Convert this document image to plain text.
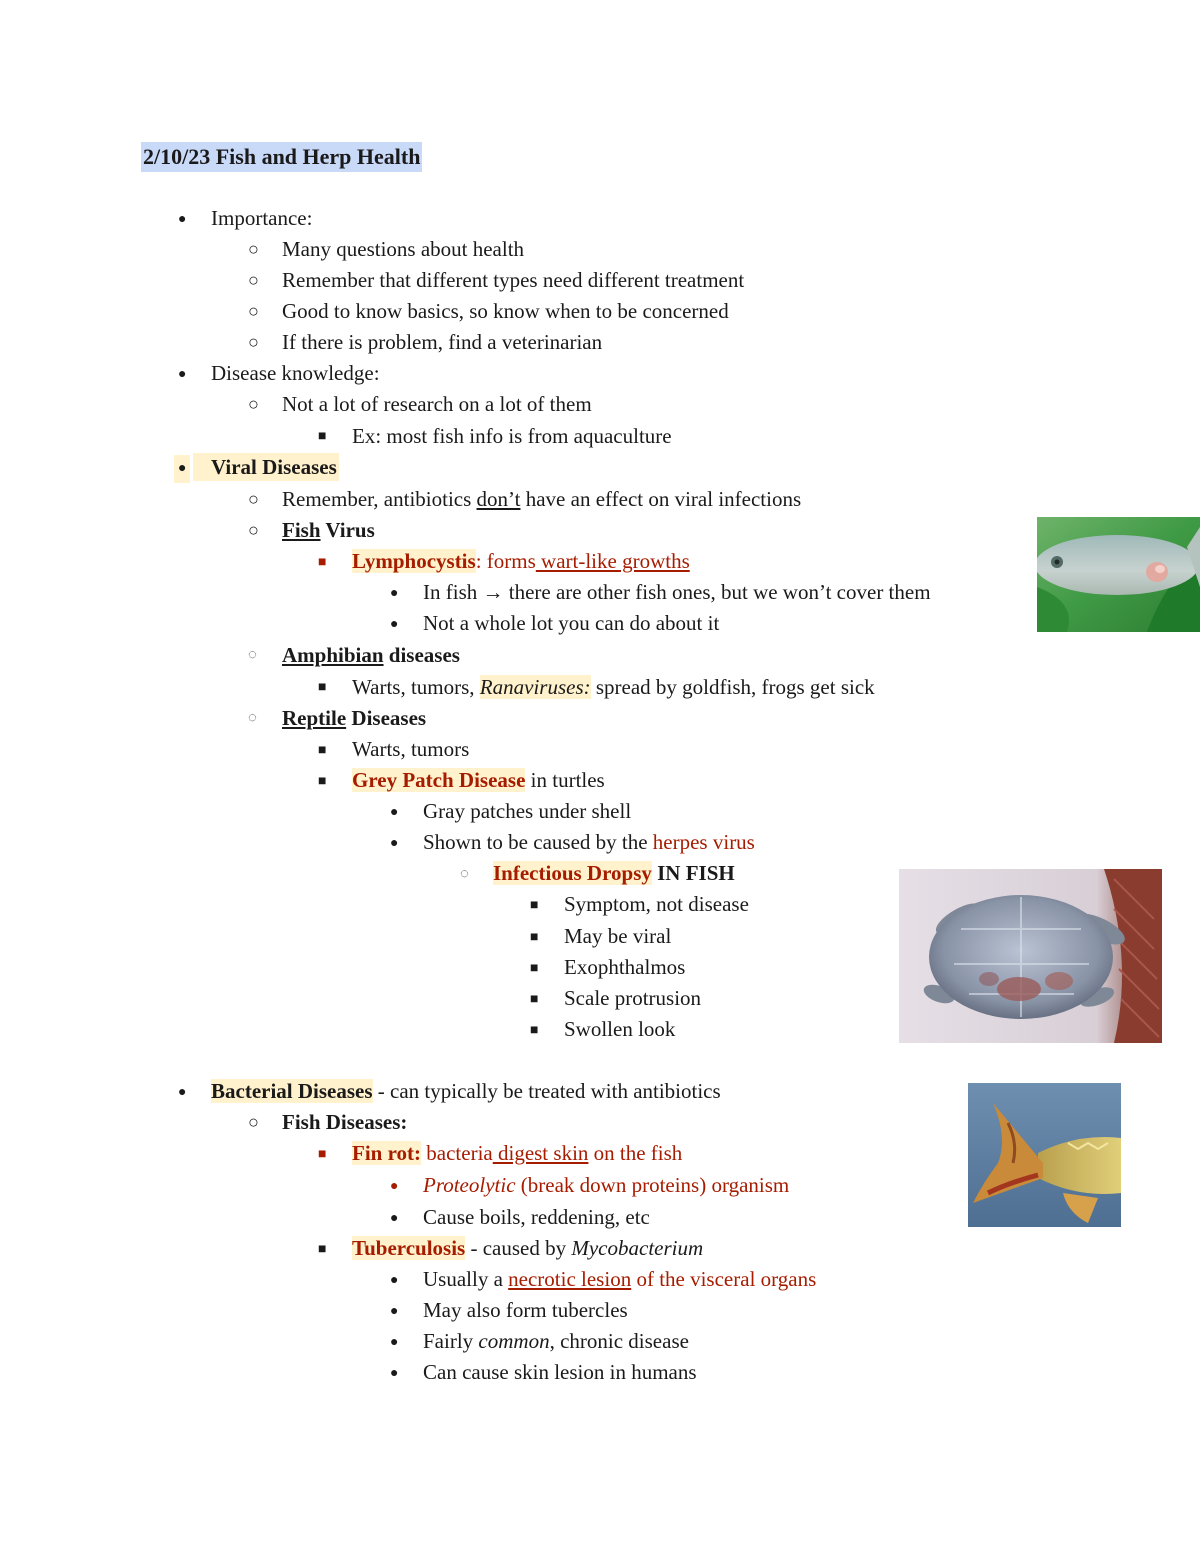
2/10/23 Fish and Herp Health
● Importance:
○ Many questions about health
○ Remember that different types need different treatment
○ Good to know basics, so know when to be concerned
○ If there is problem, find a veterinarian
● Disease knowledge:
○ Not a lot of research on a lot of them
■ Ex: most fish info is from aquaculture
●	Viral Diseases
○ Remember, antibiotics don’t have an effect on viral infections
○ Fish Virus
■ Lymphocystis: forms wart-like growths
● In fish → there are other fish ones, but we won’t cover them
● Not a whole lot you can do about it
◌ Amphibian diseases
■ Warts, tumors, Ranaviruses: spread by goldfish, frogs get sick
◌ Reptile Diseases
■ Warts, tumors
■ Grey Patch Disease in turtles
● Gray patches under shell
● Shown to be caused by the herpes virus
◌ Infectious Dropsy IN FISH
■ Symptom, not disease
■ May be viral
■ Exophthalmos
■ Scale protrusion
■ Swollen look
● Bacterial Diseases - can typically be treated with antibiotics
○ Fish Diseases:
■ Fin rot: bacteria digest skin on the fish
● Proteolytic (break down proteins) organism
● Cause boils, reddening, etc
■ Tuberculosis - caused by Mycobacterium
● Usually a necrotic lesion of the visceral organs
● May also form tubercles
● Fairly common, chronic disease
● Can cause skin lesion in humans
